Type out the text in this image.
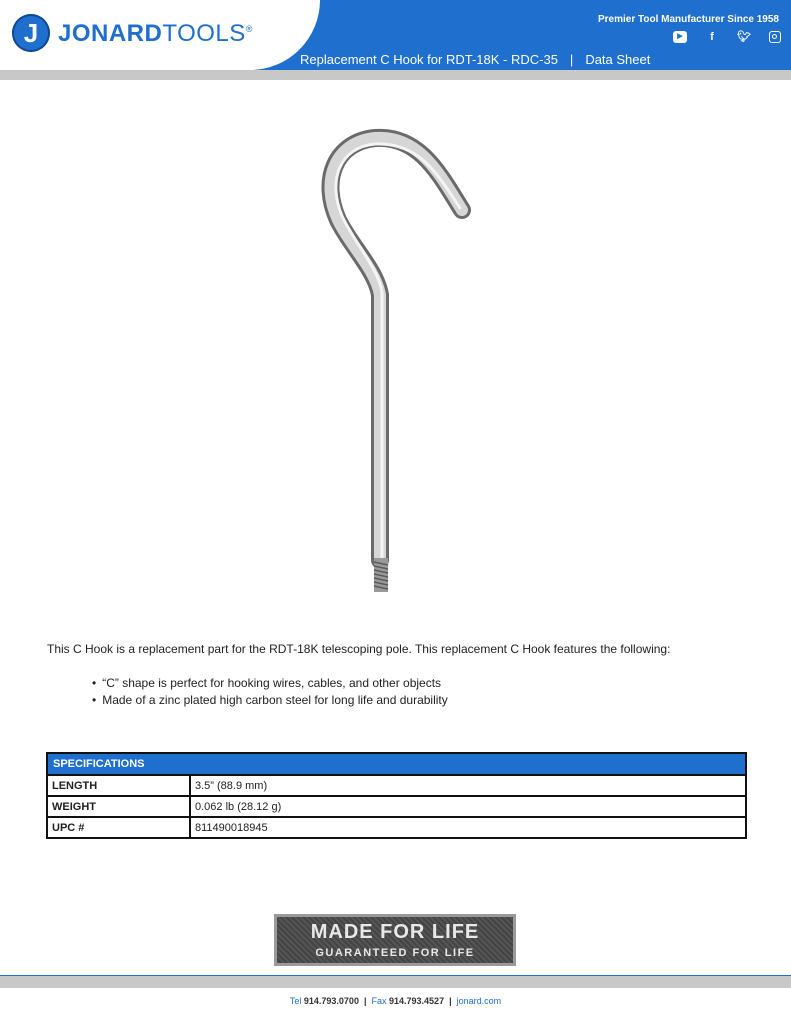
J JONARDTOOLS®
Premier Tool Manufacturer Since 1958
▶	f	🐦︎
Replacement C Hook for RDT-18K - RDC-35 | Data Sheet
This C Hook is a replacement part for the RDT-18K telescoping pole. This replacement C Hook features the following:
• “C” shape is perfect for hooking wires, cables, and other objects
• Made of a zinc plated high carbon steel for long life and durability
SPECIFICATIONS	
LENGTH	3.5” (88.9 mm)
WEIGHT	0.062 lb (28.12 g)
UPC #	811490018945
MADE FOR LIFE
GUARANTEED FOR LIFE
Tel 914.793.0700 | Fax 914.793.4527 | jonard.com
